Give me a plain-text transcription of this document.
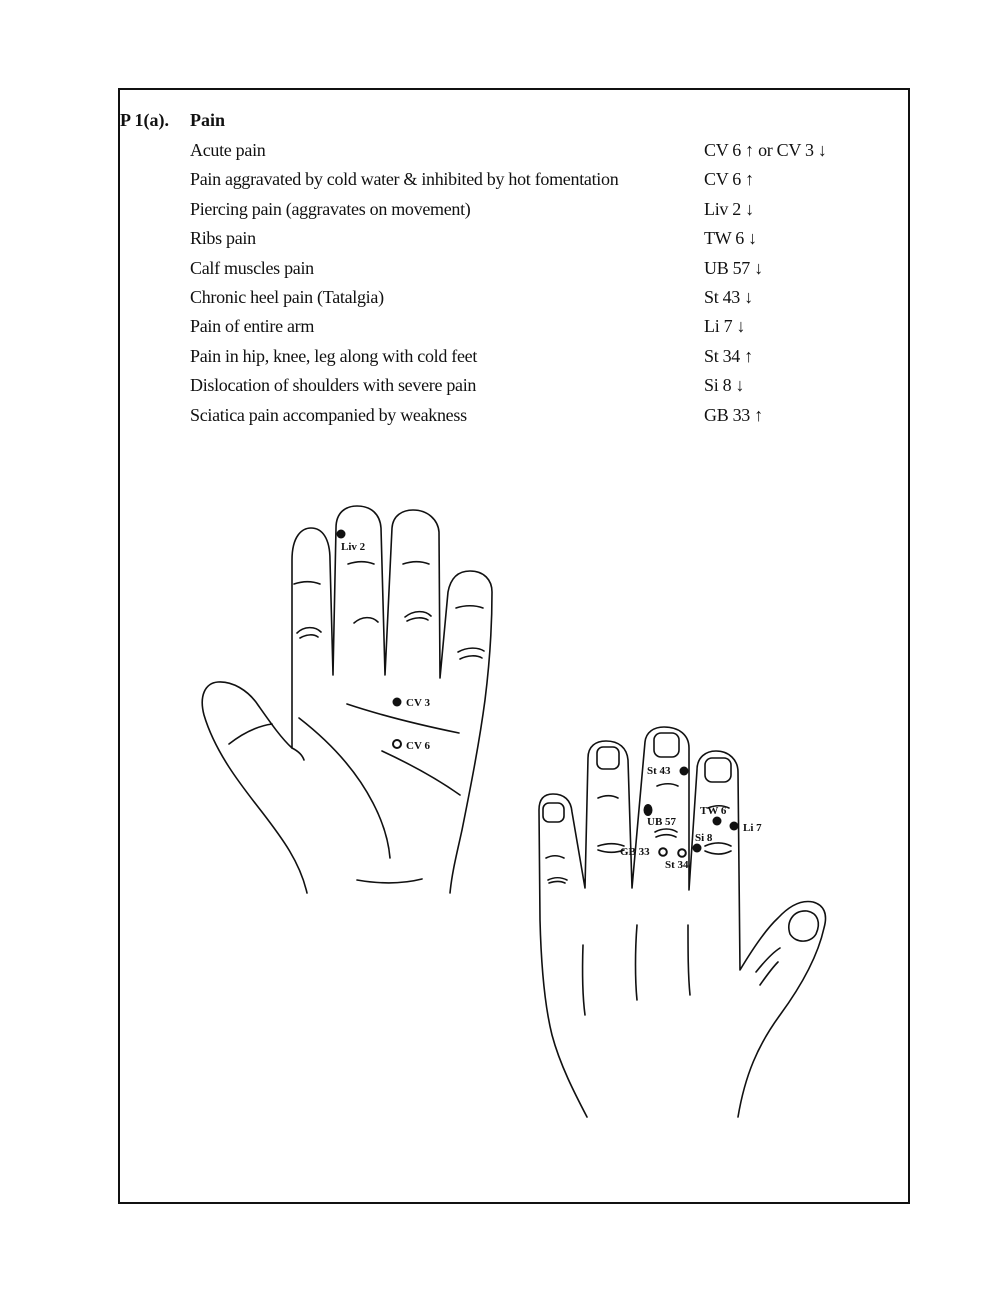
P 1(a). Pain
Acute pain	CV 6 ↑ or CV 3 ↓
Pain aggravated by cold water & inhibited by hot fomentation	CV 6 ↑
Piercing pain (aggravates on movement)	Liv 2 ↓
Ribs pain	TW 6 ↓
Calf muscles pain	UB 57 ↓
Chronic heel pain (Tatalgia)	St 43 ↓
Pain of entire arm	Li 7 ↓
Pain in hip, knee, leg along with cold feet	St 34 ↑
Dislocation of shoulders with severe pain	Si 8 ↓
Sciatica pain accompanied by weakness	GB 33 ↑
Liv 2
CV 3
CV 6
St 43
UB 57
TW 6
Li 7
Si 8
GB 33
St 34
